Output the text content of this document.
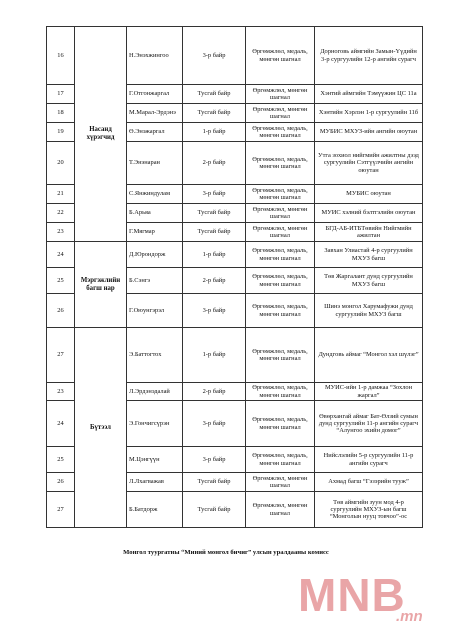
16	Насанд хүрэгчид	Н.Энэхжингоо	3-р байр	Өргөмжлөл, медаль, мөнгөн шагнал	Дорноговь аймгийн Замын-Үүдийн 3-р сургуулийн 12-р ангийн сурагч
17		Г.Отгонжаргал	Тусгай байр	Өргөмжлөл, мөнгөн шагнал	Хэнтий аймгийн Тэмүүжин ЦС 11а
18		М.Марал-Эрдэнэ	Тусгай байр	Өргөмжлөл, мөнгөн шагнал	Хэнтийн Хэрлэн 1-р сургуулийн 11б
19		Ө.Энэжаргал	1-р байр	Өргөмжлөл, медаль, мөнгөн шагнал	МУБИС МХУЗ-ийн ангийн оюутан
20		Т.Энэнаран	2-р байр	Өргөмжлөл, медаль, мөнгөн шагнал	Утга зохиол нийгмийн ажилтны дээд сургуулийн Сэтгүүлчийн ангийн оюутан
21		С.Янжиндулам	3-р байр	Өргөмжлөл, медаль, мөнгөн шагнал	МУБИС оюутан
22		Б.Арьяа	Тусгай байр	Өргөмжлөл, мөнгөн шагнал	МУИС хэлний бэлтгэлийн оюутан
23		Г.Мягмар	Тусгай байр	Өргөмжлөл, мөнгөн шагнал	БГД-АБ-ИТБТөвийн Нийгмийн ажилтан
24	Мэргэжлийн багш нар	Д.Юрондорж	1-р байр	Өргөмжлөл, медаль, мөнгөн шагнал	Завхан Улиастай 4-р сургуулийн МХУЗ багш
25		Б.Сэнгэ	2-р байр	Өргөмжлөл, медаль, мөнгөн шагнал	Төв Жаргалант дунд сургуулийн МХУЗ багш
26		Г.Оюунгэрэл	3-р байр	Өргөмжлөл, медаль, мөнгөн шагнал	Шинэ монгол Харумафужи дунд сургуулийн МХУЗ багш
27	Бүтээл	Э.Баттогтох	1-р байр	Өргөмжлөл, медаль, мөнгөн шагнал	Дундговь аймаг “Монгол хэл шүлэг”
23		Л.Эрдэнэдалай	2-р байр	Өргөмжлөл, медаль, мөнгөн шагнал	МУИС-ийн 1-р дамжаа “Зохлон жаргал”
24		Э.Гончигсүрэн	3-р байр	Өргөмжлөл, медаль, мөнгөн шагнал	Өвөрхангай аймаг Бат-Өлзий сумын дунд сургуулийн 11-р ангийн сурагч “Алунгоо эхийн домог”
25		М.Цэнгүүн	3-р байр	Өргөмжлөл, медаль, мөнгөн шагнал	Нийслэлийн 5-р сургуулийн 11-р ангийн сурагч
26		Л.Лхагважав	Тусгай байр	Өргөмжлөл, мөнгөн шагнал	Ахмад багш “Гэзэрийн тууж”
27		Б.Батдорж	Тусгай байр	Өргөмжлөл, мөнгөн шагнал	Төв аймгийн зуун мод 4-р сургуулийн МХУЗ-ын багш “Монголын нууц товчоо”-ос
Монгол туургатны “Миний монгол бичиг” улсын уралдааны комисс
MNB
.mn
